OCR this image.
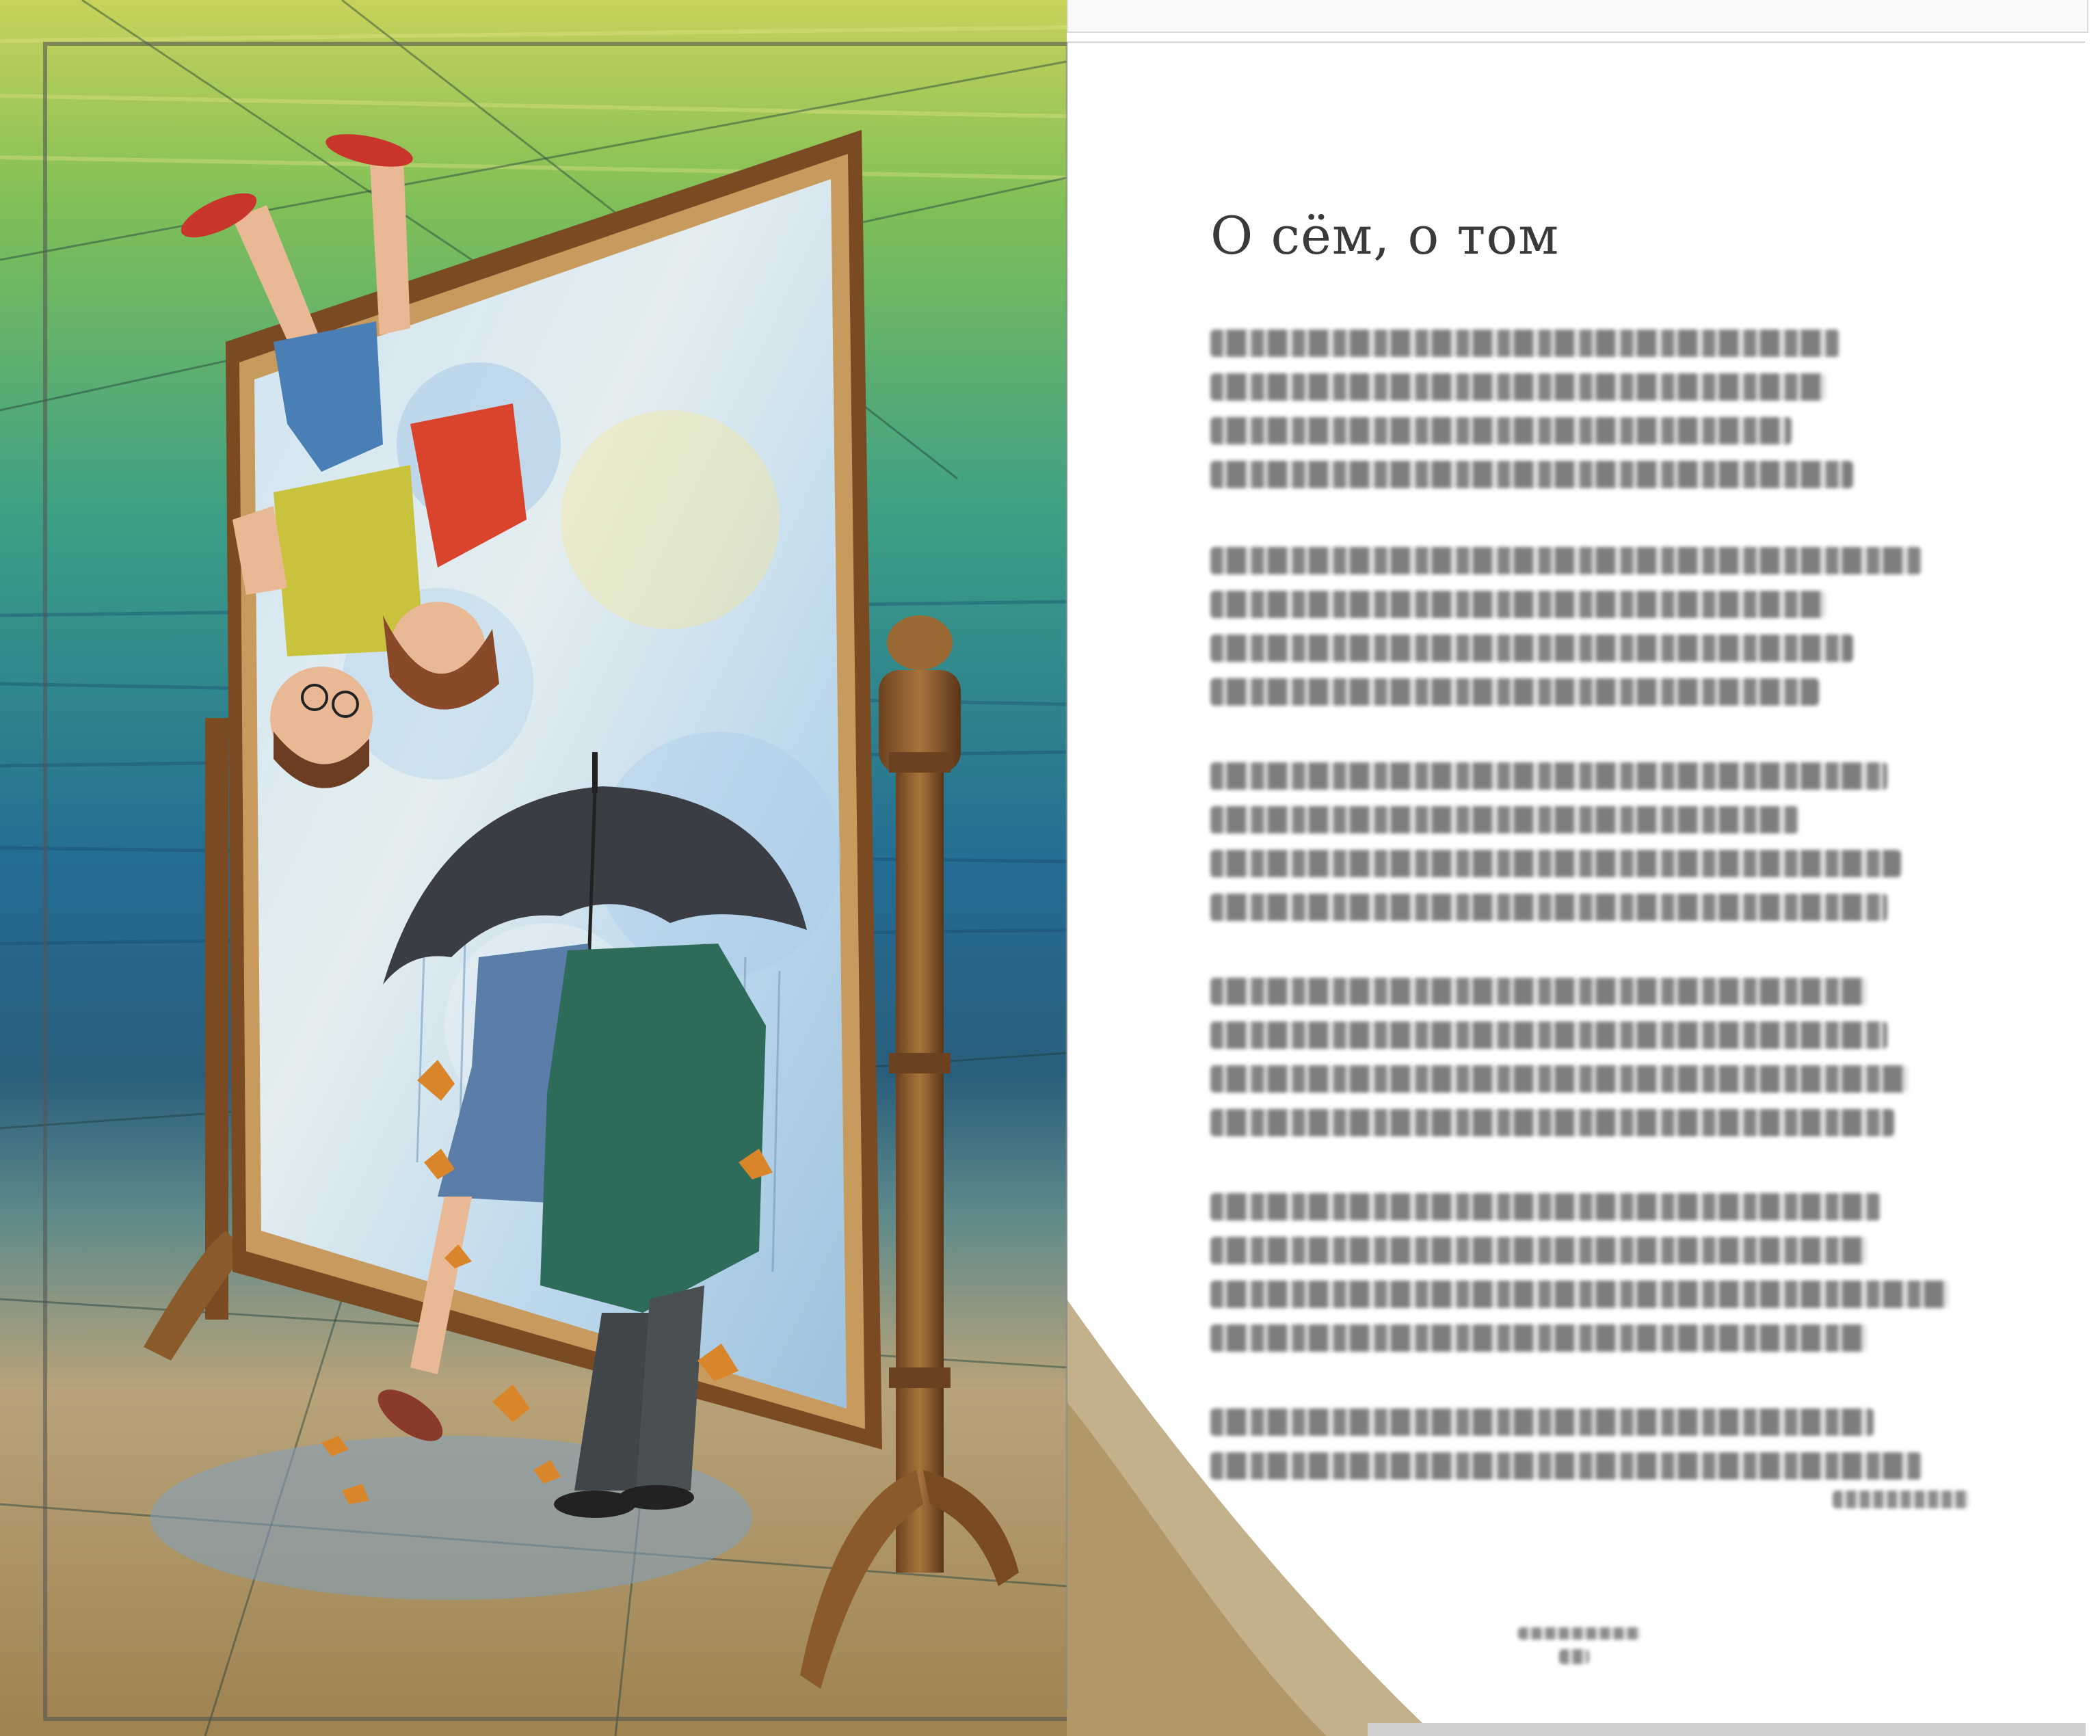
О сём, о том
